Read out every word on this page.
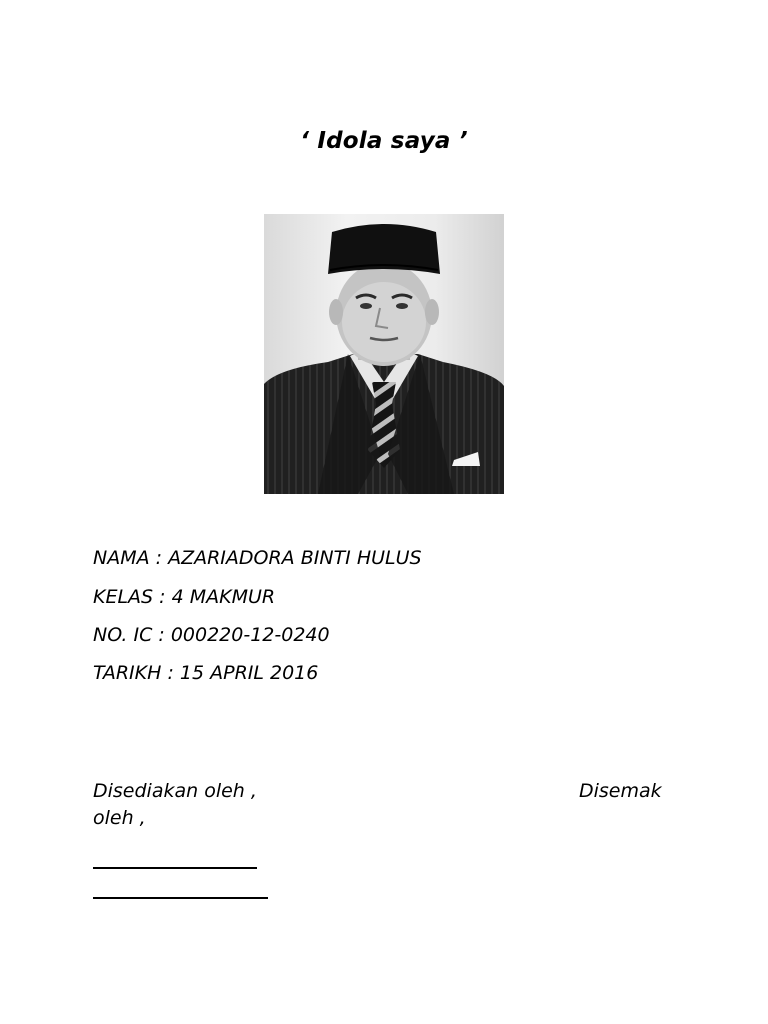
‘ Idola saya ’
NAMA : AZARIADORA BINTI HULUS
KELAS : 4 MAKMUR
NO. IC : 000220-12-0240
TARIKH : 15 APRIL 2016
Disediakan oleh ,	Disemak
oleh ,
